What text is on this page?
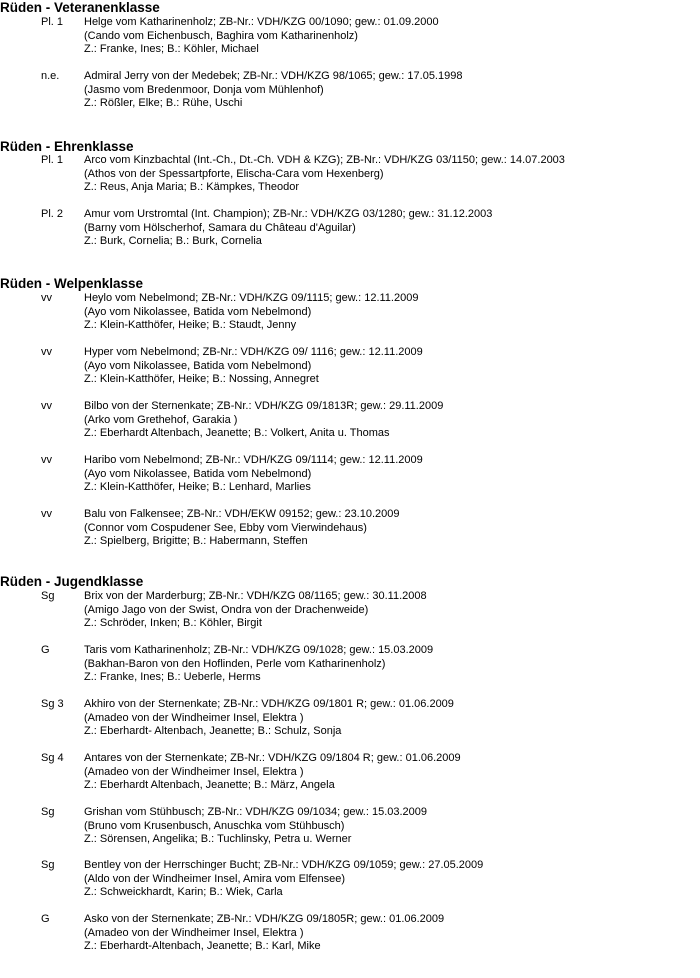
Rüden - Veteranenklasse
Pl. 1 Helge vom Katharinenholz; ZB-Nr.: VDH/KZG 00/1090; gew.: 01.09.2000
(Cando vom Eichenbusch, Baghira vom Katharinenholz)
Z.: Franke, Ines; B.: Köhler, Michael
n.e. Admiral Jerry von der Medebek; ZB-Nr.: VDH/KZG 98/1065; gew.: 17.05.1998
(Jasmo vom Bredenmoor, Donja vom Mühlenhof)
Z.: Rößler, Elke; B.: Rühe, Uschi
Rüden - Ehrenklasse
Pl. 1 Arco vom Kinzbachtal (Int.-Ch., Dt.-Ch. VDH & KZG); ZB-Nr.: VDH/KZG 03/1150; gew.: 14.07.2003
(Athos von der Spessartpforte, Elischa-Cara vom Hexenberg)
Z.: Reus, Anja Maria; B.: Kämpkes, Theodor
Pl. 2 Amur vom Urstromtal (Int. Champion); ZB-Nr.: VDH/KZG 03/1280; gew.: 31.12.2003
(Barny vom Hölscherhof, Samara du Château d'Aguilar)
Z.: Burk, Cornelia; B.: Burk, Cornelia
Rüden - Welpenklasse
vv	Heylo vom Nebelmond; ZB-Nr.: VDH/KZG 09/1115; gew.: 12.11.2009
(Ayo vom Nikolassee, Batida vom Nebelmond)
Z.: Klein-Katthöfer, Heike; B.: Staudt, Jenny
vv	Hyper vom Nebelmond; ZB-Nr.: VDH/KZG 09/ 1116; gew.: 12.11.2009
(Ayo vom Nikolassee, Batida vom Nebelmond)
Z.: Klein-Katthöfer, Heike; B.: Nossing, Annegret
vv	Bilbo von der Sternenkate; ZB-Nr.: VDH/KZG 09/1813R; gew.: 29.11.2009
(Arko vom Grethehof, Garakia )
Z.: Eberhardt Altenbach, Jeanette; B.: Volkert, Anita u. Thomas
vv	Haribo vom Nebelmond; ZB-Nr.: VDH/KZG 09/1114; gew.: 12.11.2009
(Ayo vom Nikolassee, Batida vom Nebelmond)
Z.: Klein-Katthöfer, Heike; B.: Lenhard, Marlies
vv	Balu von Falkensee; ZB-Nr.: VDH/EKW 09152; gew.: 23.10.2009
(Connor vom Cospudener See, Ebby vom Vierwindehaus)
Z.: Spielberg, Brigitte; B.: Habermann, Steffen
Rüden - Jugendklasse
Sg	Brix von der Marderburg; ZB-Nr.: VDH/KZG 08/1165; gew.: 30.11.2008
(Amigo Jago von der Swist, Ondra von der Drachenweide)
Z.: Schröder, Inken; B.: Köhler, Birgit
G	Taris vom Katharinenholz; ZB-Nr.: VDH/KZG 09/1028; gew.: 15.03.2009
(Bakhan-Baron von den Hoflinden, Perle vom Katharinenholz)
Z.: Franke, Ines; B.: Ueberle, Herms
Sg 3 Akhiro von der Sternenkate; ZB-Nr.: VDH/KZG 09/1801 R; gew.: 01.06.2009
(Amadeo von der Windheimer Insel, Elektra )
Z.: Eberhardt- Altenbach, Jeanette; B.: Schulz, Sonja
Sg 4 Antares von der Sternenkate; ZB-Nr.: VDH/KZG 09/1804 R; gew.: 01.06.2009
(Amadeo von der Windheimer Insel, Elektra )
Z.: Eberhardt Altenbach, Jeanette; B.: März, Angela
Sg	Grishan vom Stühbusch; ZB-Nr.: VDH/KZG 09/1034; gew.: 15.03.2009
(Bruno vom Krusenbusch, Anuschka vom Stühbusch)
Z.: Sörensen, Angelika; B.: Tuchlinsky, Petra u. Werner
Sg	Bentley von der Herrschinger Bucht; ZB-Nr.: VDH/KZG 09/1059; gew.: 27.05.2009
(Aldo von der Windheimer Insel, Amira vom Elfensee)
Z.: Schweickhardt, Karin; B.: Wiek, Carla
G	Asko von der Sternenkate; ZB-Nr.: VDH/KZG 09/1805R; gew.: 01.06.2009
(Amadeo von der Windheimer Insel, Elektra )
Z.: Eberhardt-Altenbach, Jeanette; B.: Karl, Mike
